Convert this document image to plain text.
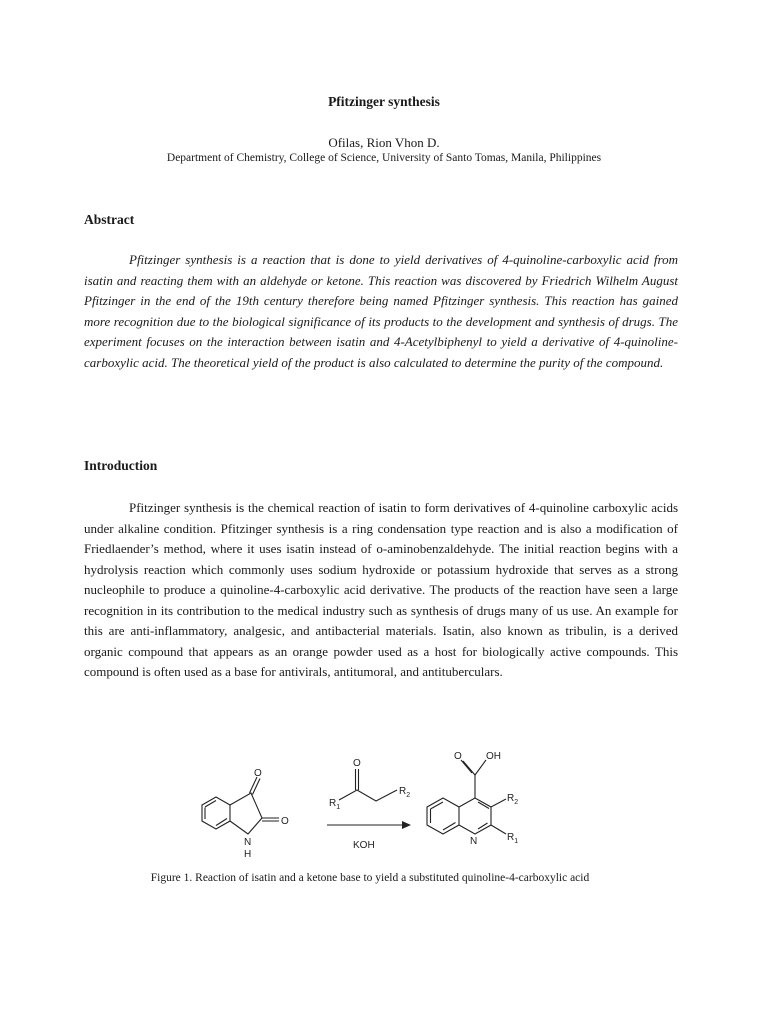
Pfitzinger synthesis
Ofilas, Rion Vhon D.
Department of Chemistry, College of Science, University of Santo Tomas, Manila, Philippines
Abstract

Pfitzinger synthesis is a reaction that is done to yield derivatives of 4-quinoline-carboxylic acid from isatin and reacting them with an aldehyde or ketone. This reaction was discovered by Friedrich Wilhelm August Pfitzinger in the end of the 19th century therefore being named Pfitzinger synthesis. This reaction has gained more recognition due to the biological significance of its products to the development and synthesis of drugs. The experiment focuses on the interaction between isatin and 4-Acetylbiphenyl to yield a derivative of 4-quinoline-carboxylic acid. The theoretical yield of the product is also calculated to determine the purity of the compound.

Introduction

Pfitzinger synthesis is the chemical reaction of isatin to form derivatives of 4-quinoline carboxylic acids under alkaline condition. Pfitzinger synthesis is a ring condensation type reaction and is also a modification of Friedlaender’s method, where it uses isatin instead of o-aminobenzaldehyde. The initial reaction begins with a hydrolysis reaction which commonly uses sodium hydroxide or potassium hydroxide that serves as a strong nucleophile to produce a quinoline-4-carboxylic acid derivative. The products of the reaction have seen a large recognition in its contribution to the medical industry such as synthesis of drugs many of us use. An example for this are anti-inflammatory, analgesic, and antibacterial materials. Isatin, also known as tribulin, is a derived organic compound that appears as an orange powder used as a host for biologically active compounds. This compound is often used as a base for antivirals, antitumoral, and antituberculars.

O
O
N
H
O
$R_1$
$R_2$
KOH
O OH
$R_2$
N	$R_1$
Figure 1. Reaction of isatin and a ketone base to yield a substituted quinoline-4-carboxylic acid
